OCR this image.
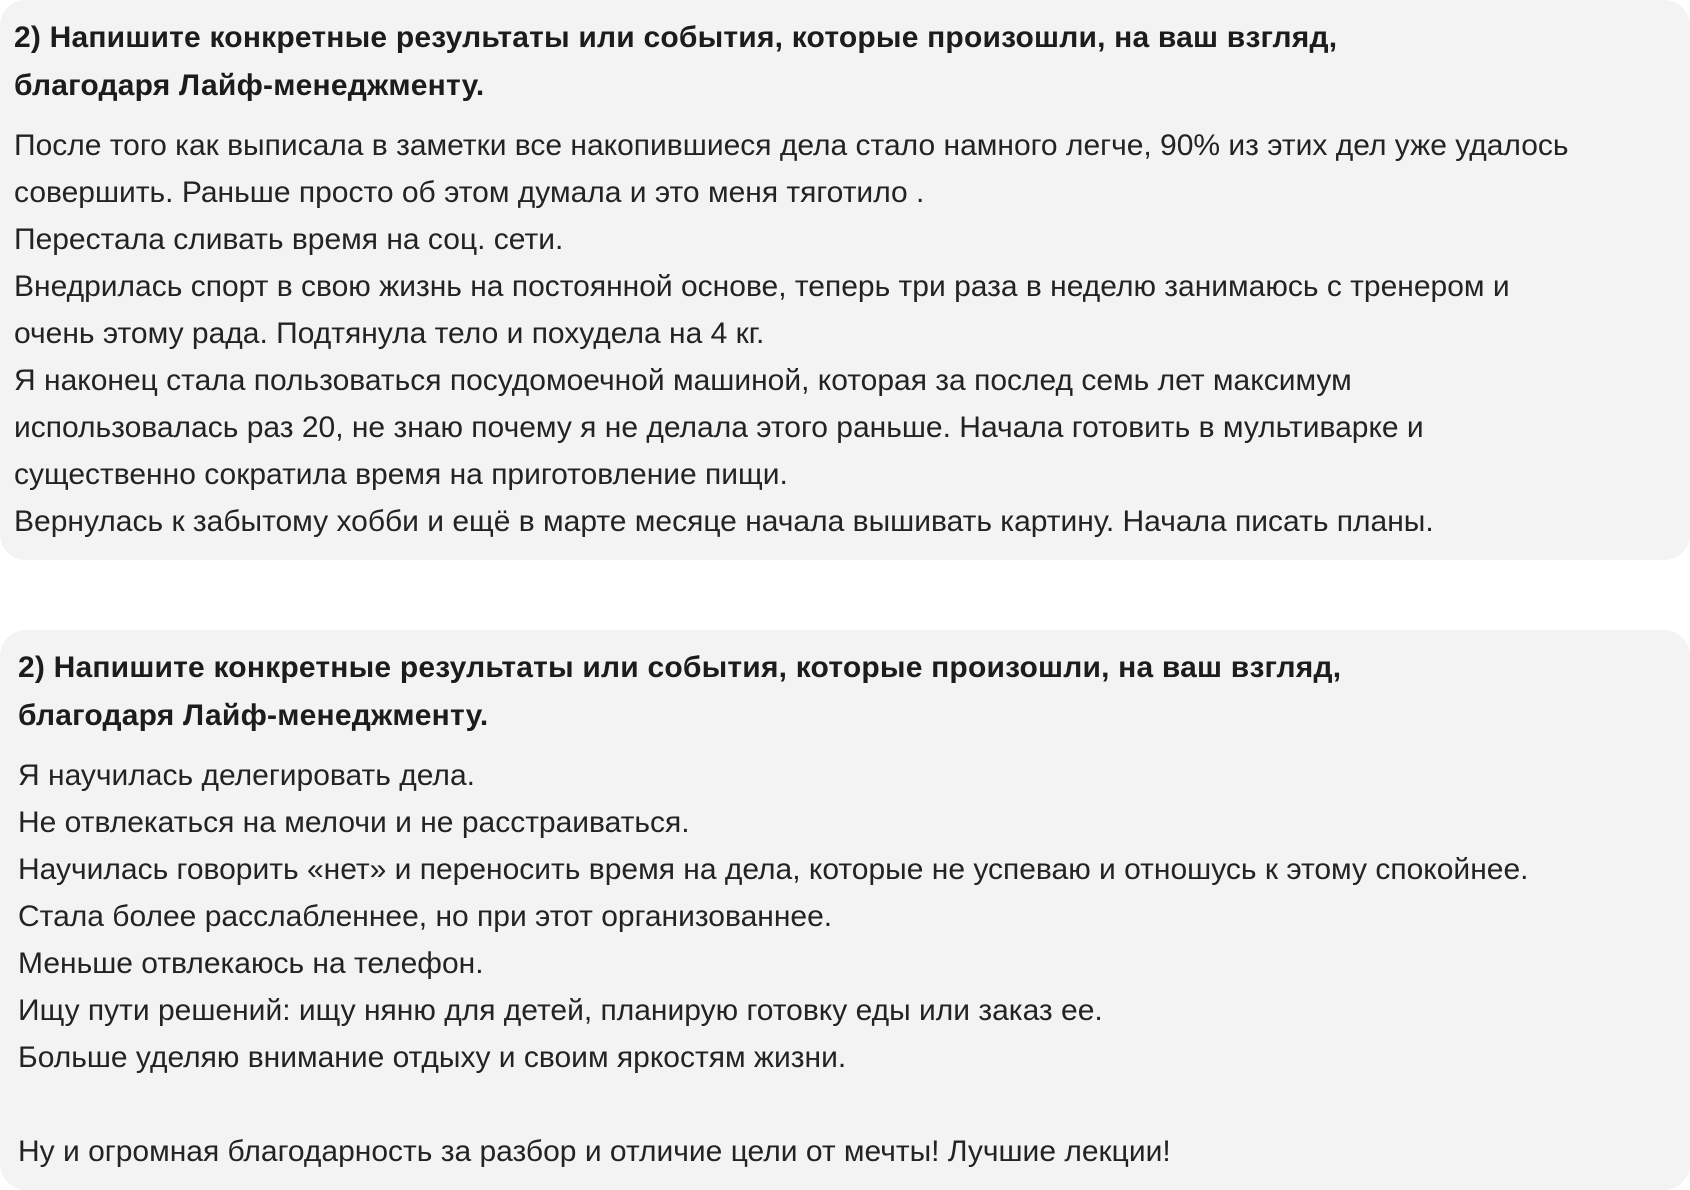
2) Напишите конкретные результаты или события, которые произошли, на ваш взгляд,
благодаря Лайф-менеджменту.
После того как выписала в заметки все накопившиеся дела стало намного легче, 90% из этих дел уже удалось
совершить. Раньше просто об этом думала и это меня тяготило .
Перестала сливать время на соц. сети.
Внедрилась спорт в свою жизнь на постоянной основе, теперь три раза в неделю занимаюсь с тренером и
очень этому рада. Подтянула тело и похудела на 4 кг.
Я наконец стала пользоваться посудомоечной машиной, которая за послед семь лет максимум
использовалась раз 20, не знаю почему я не делала этого раньше. Начала готовить в мультиварке и
существенно сократила время на приготовление пищи.
Вернулась к забытому хобби и ещё в марте месяце начала вышивать картину. Начала писать планы.
2) Напишите конкретные результаты или события, которые произошли, на ваш взгляд,
благодаря Лайф-менеджменту.
Я научилась делегировать дела.
Не отвлекаться на мелочи и не расстраиваться.
Научилась говорить «нет» и переносить время на дела, которые не успеваю и отношусь к этому спокойнее.
Стала более расслабленнее, но при этот организованнее.
Меньше отвлекаюсь на телефон.
Ищу пути решений: ищу няню для детей, планирую готовку еды или заказ ее.
Больше уделяю внимание отдыху и своим яркостям жизни.
Ну и огромная благодарность за разбор и отличие цели от мечты! Лучшие лекции!
